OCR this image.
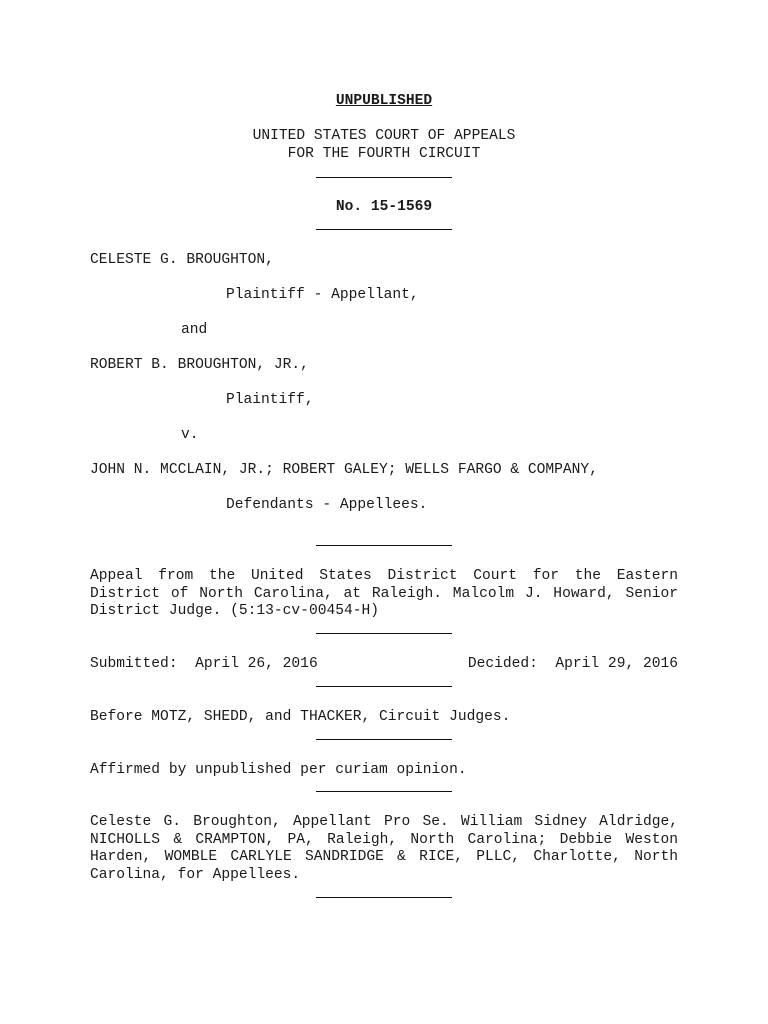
UNPUBLISHED
UNITED STATES COURT OF APPEALS
FOR THE FOURTH CIRCUIT
No. 15-1569
CELESTE G. BROUGHTON,
Plaintiff - Appellant,
and
ROBERT B. BROUGHTON, JR.,
Plaintiff,
v.
JOHN N. MCCLAIN, JR.; ROBERT GALEY; WELLS FARGO & COMPANY,
Defendants - Appellees.
Appeal from the United States District Court for the Eastern District of North Carolina, at Raleigh. Malcolm J. Howard, Senior District Judge. (5:13-cv-00454-H)
Submitted:  April 26, 2016	Decided:  April 29, 2016
Before MOTZ, SHEDD, and THACKER, Circuit Judges.
Affirmed by unpublished per curiam opinion.
Celeste G. Broughton, Appellant Pro Se. William Sidney Aldridge, NICHOLLS & CRAMPTON, PA, Raleigh, North Carolina; Debbie Weston Harden, WOMBLE CARLYLE SANDRIDGE & RICE, PLLC, Charlotte, North Carolina, for Appellees.
